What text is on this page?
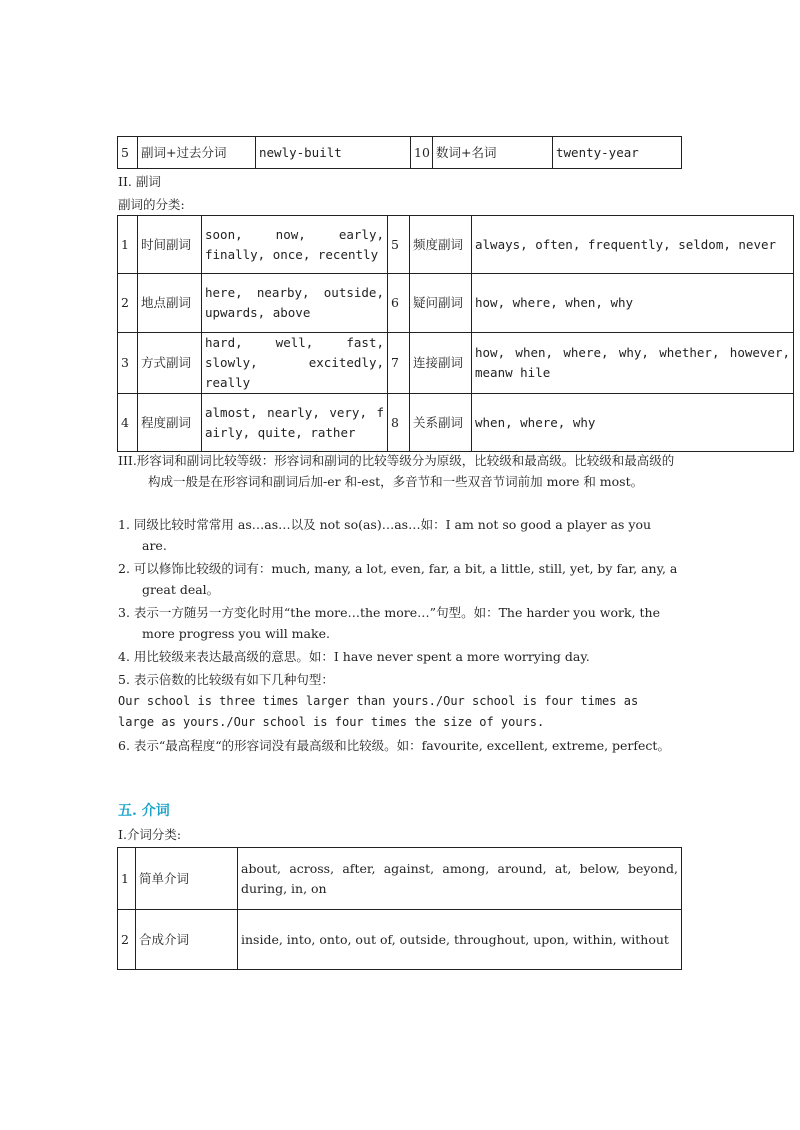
5	副词+过去分词	newly-built	10	数词+名词	twenty-year
II. 副词
副词的分类:
1	时间副词	soon, now, early, finally, once, recently	5	频度副词	always, often, frequently, seldom, never
2	地点副词	here, nearby, outside, upwards, above	6	疑问副词	how, where, when, why
3	方式副词	hard, well, fast, slowly, excitedly, really	7	连接副词	how, when, where, why, whether, however, meanw hile
4	程度副词	almost, nearly, very, fairly, quite, rather	8	关系副词	when, where, why
III.形容词和副词比较等级：形容词和副词的比较等级分为原级，比较级和最高级。比较级和最高级的构成一般是在形容词和副词后加-er 和-est，多音节和一些双音节词前加 more 和 most。
1. 同级比较时常常用 as…as…以及 not so(as)…as…如：I am not so good a player as you are.
2. 可以修饰比较级的词有：much, many, a lot, even, far, a bit, a little, still, yet, by far, any, a great deal。
3. 表示一方随另一方变化时用“the more…the more…”句型。如：The harder you work, the more progress you will make.
4. 用比较级来表达最高级的意思。如：I have never spent a more worrying day.
5. 表示倍数的比较级有如下几种句型：
Our school is three times larger than yours./Our school is four times as large as yours./Our school is four times the size of yours.
6. 表示“最高程度“的形容词没有最高级和比较级。如：favourite, excellent, extreme, perfect。
五. 介词
I.介词分类:
1	简单介词	about, across, after, against, among, around, at, below, beyond, during, in, on
2	合成介词	inside, into, onto, out of, outside, throughout, upon, within, without
